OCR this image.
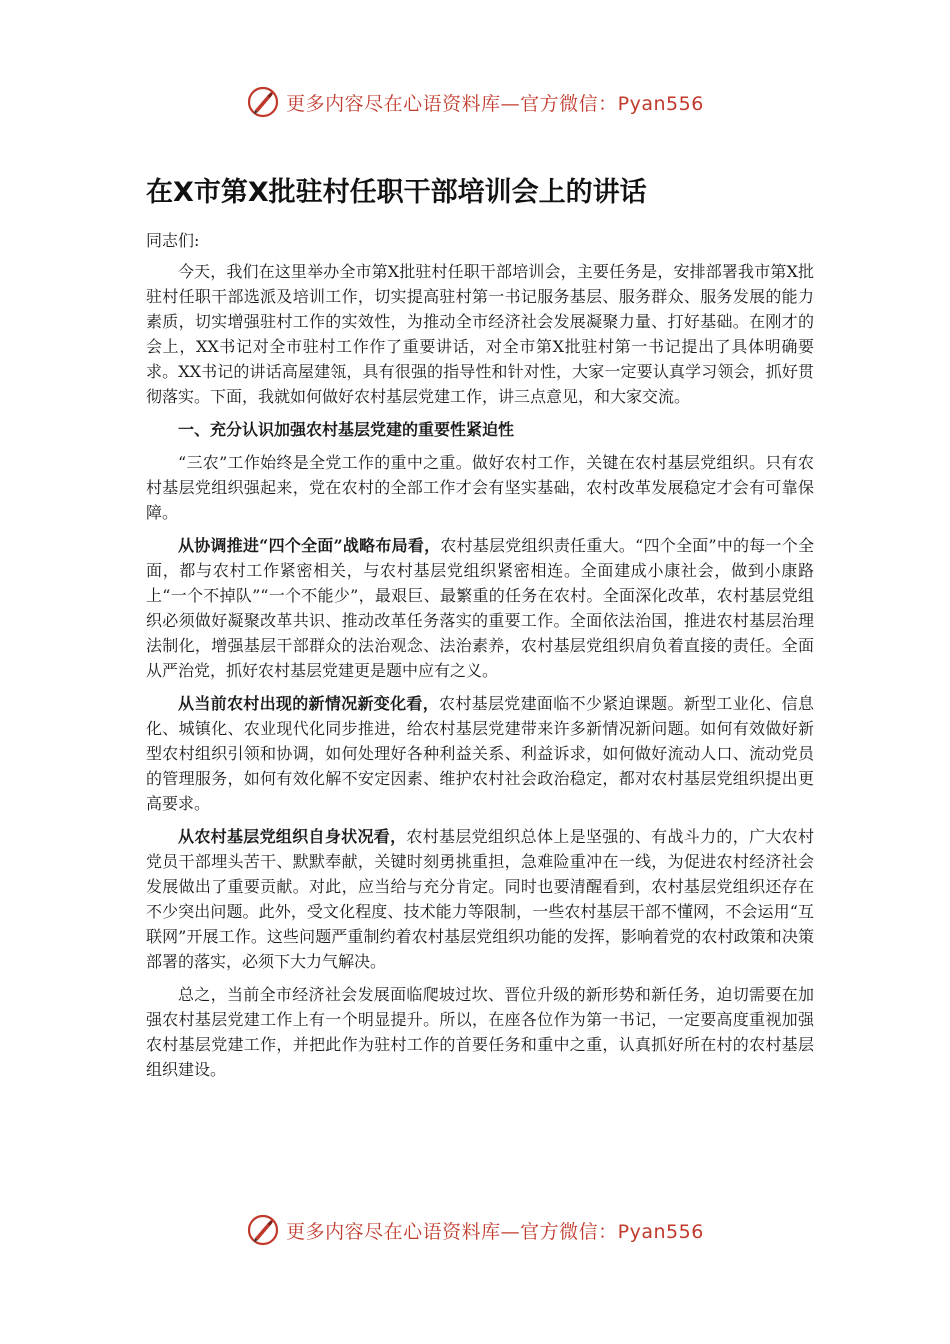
更多内容尽在心语资料库—官方微信：Pyan556
在X市第X批驻村任职干部培训会上的讲话

同志们:

今天，我们在这里举办全市第X批驻村任职干部培训会，主要任务是，安排部署我市第X批驻村任职干部选派及培训工作，切实提高驻村第一书记服务基层、服务群众、服务发展的能力素质，切实增强驻村工作的实效性，为推动全市经济社会发展凝聚力量、打好基础。在刚才的会上，XX书记对全市驻村工作作了重要讲话，对全市第X批驻村第一书记提出了具体明确要求。XX书记的讲话高屋建瓴，具有很强的指导性和针对性，大家一定要认真学习领会，抓好贯彻落实。下面，我就如何做好农村基层党建工作，讲三点意见，和大家交流。

一、充分认识加强农村基层党建的重要性紧迫性

“三农”工作始终是全党工作的重中之重。做好农村工作，关键在农村基层党组织。只有农村基层党组织强起来，党在农村的全部工作才会有坚实基础，农村改革发展稳定才会有可靠保障。

从协调推进“四个全面”战略布局看，农村基层党组织责任重大。“四个全面”中的每一个全面，都与农村工作紧密相关，与农村基层党组织紧密相连。全面建成小康社会，做到小康路上“一个不掉队”“一个不能少”，最艰巨、最繁重的任务在农村。全面深化改革，农村基层党组织必须做好凝聚改革共识、推动改革任务落实的重要工作。全面依法治国，推进农村基层治理法制化，增强基层干部群众的法治观念、法治素养，农村基层党组织肩负着直接的责任。全面从严治党，抓好农村基层党建更是题中应有之义。

从当前农村出现的新情况新变化看，农村基层党建面临不少紧迫课题。新型工业化、信息化、城镇化、农业现代化同步推进，给农村基层党建带来许多新情况新问题。如何有效做好新型农村组织引领和协调，如何处理好各种利益关系、利益诉求，如何做好流动人口、流动党员的管理服务，如何有效化解不安定因素、维护农村社会政治稳定，都对农村基层党组织提出更高要求。

从农村基层党组织自身状况看，农村基层党组织总体上是坚强的、有战斗力的，广大农村党员干部埋头苦干、默默奉献，关键时刻勇挑重担，急难险重冲在一线，为促进农村经济社会发展做出了重要贡献。对此，应当给与充分肯定。同时也要清醒看到，农村基层党组织还存在不少突出问题。此外，受文化程度、技术能力等限制，一些农村基层干部不懂网，不会运用“互联网”开展工作。这些问题严重制约着农村基层党组织功能的发挥，影响着党的农村政策和决策部署的落实，必须下大力气解决。

总之，当前全市经济社会发展面临爬坡过坎、晋位升级的新形势和新任务，迫切需要在加强农村基层党建工作上有一个明显提升。所以，在座各位作为第一书记，一定要高度重视加强农村基层党建工作，并把此作为驻村工作的首要任务和重中之重，认真抓好所在村的农村基层组织建设。

更多内容尽在心语资料库—官方微信：Pyan556
